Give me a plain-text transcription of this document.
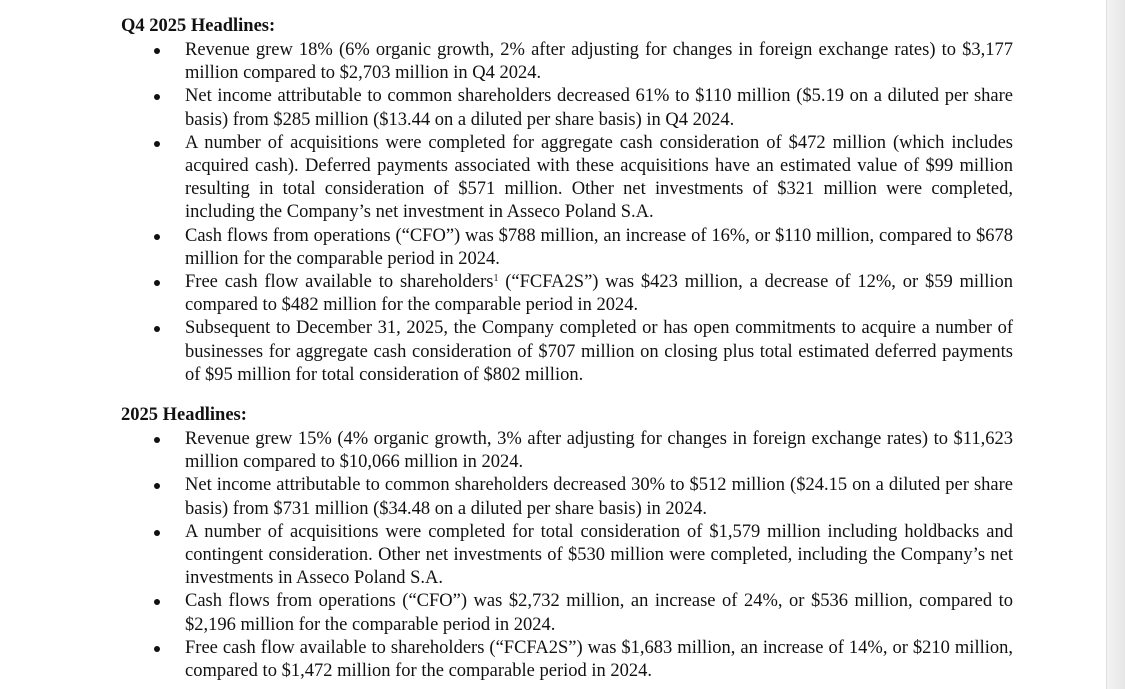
Q4 2025 Headlines:
Revenue grew 18% (6% organic growth, 2% after adjusting for changes in foreign exchange rates) to $3,177 million compared to $2,703 million in Q4 2024.
Net income attributable to common shareholders decreased 61% to $110 million ($5.19 on a diluted per share basis) from $285 million ($13.44 on a diluted per share basis) in Q4 2024.
A number of acquisitions were completed for aggregate cash consideration of $472 million (which includes acquired cash). Deferred payments associated with these acquisitions have an estimated value of $99 million resulting in total consideration of $571 million. Other net investments of $321 million were completed, including the Company’s net investment in Asseco Poland S.A.
Cash flows from operations (“CFO”) was $788 million, an increase of 16%, or $110 million, compared to $678 million for the comparable period in 2024.
Free cash flow available to shareholders$^1$ (“FCFA2S”) was $423 million, a decrease of 12%, or $59 million compared to $482 million for the comparable period in 2024.
Subsequent to December 31, 2025, the Company completed or has open commitments to acquire a number of businesses for aggregate cash consideration of $707 million on closing plus total estimated deferred payments of $95 million for total consideration of $802 million.
2025 Headlines:
Revenue grew 15% (4% organic growth, 3% after adjusting for changes in foreign exchange rates) to $11,623 million compared to $10,066 million in 2024.
Net income attributable to common shareholders decreased 30% to $512 million ($24.15 on a diluted per share basis) from $731 million ($34.48 on a diluted per share basis) in 2024.
A number of acquisitions were completed for total consideration of $1,579 million including holdbacks and contingent consideration. Other net investments of $530 million were completed, including the Company’s net investments in Asseco Poland S.A.
Cash flows from operations (“CFO”) was $2,732 million, an increase of 24%, or $536 million, compared to $2,196 million for the comparable period in 2024.
Free cash flow available to shareholders (“FCFA2S”) was $1,683 million, an increase of 14%, or $210 million, compared to $1,472 million for the comparable period in 2024.
